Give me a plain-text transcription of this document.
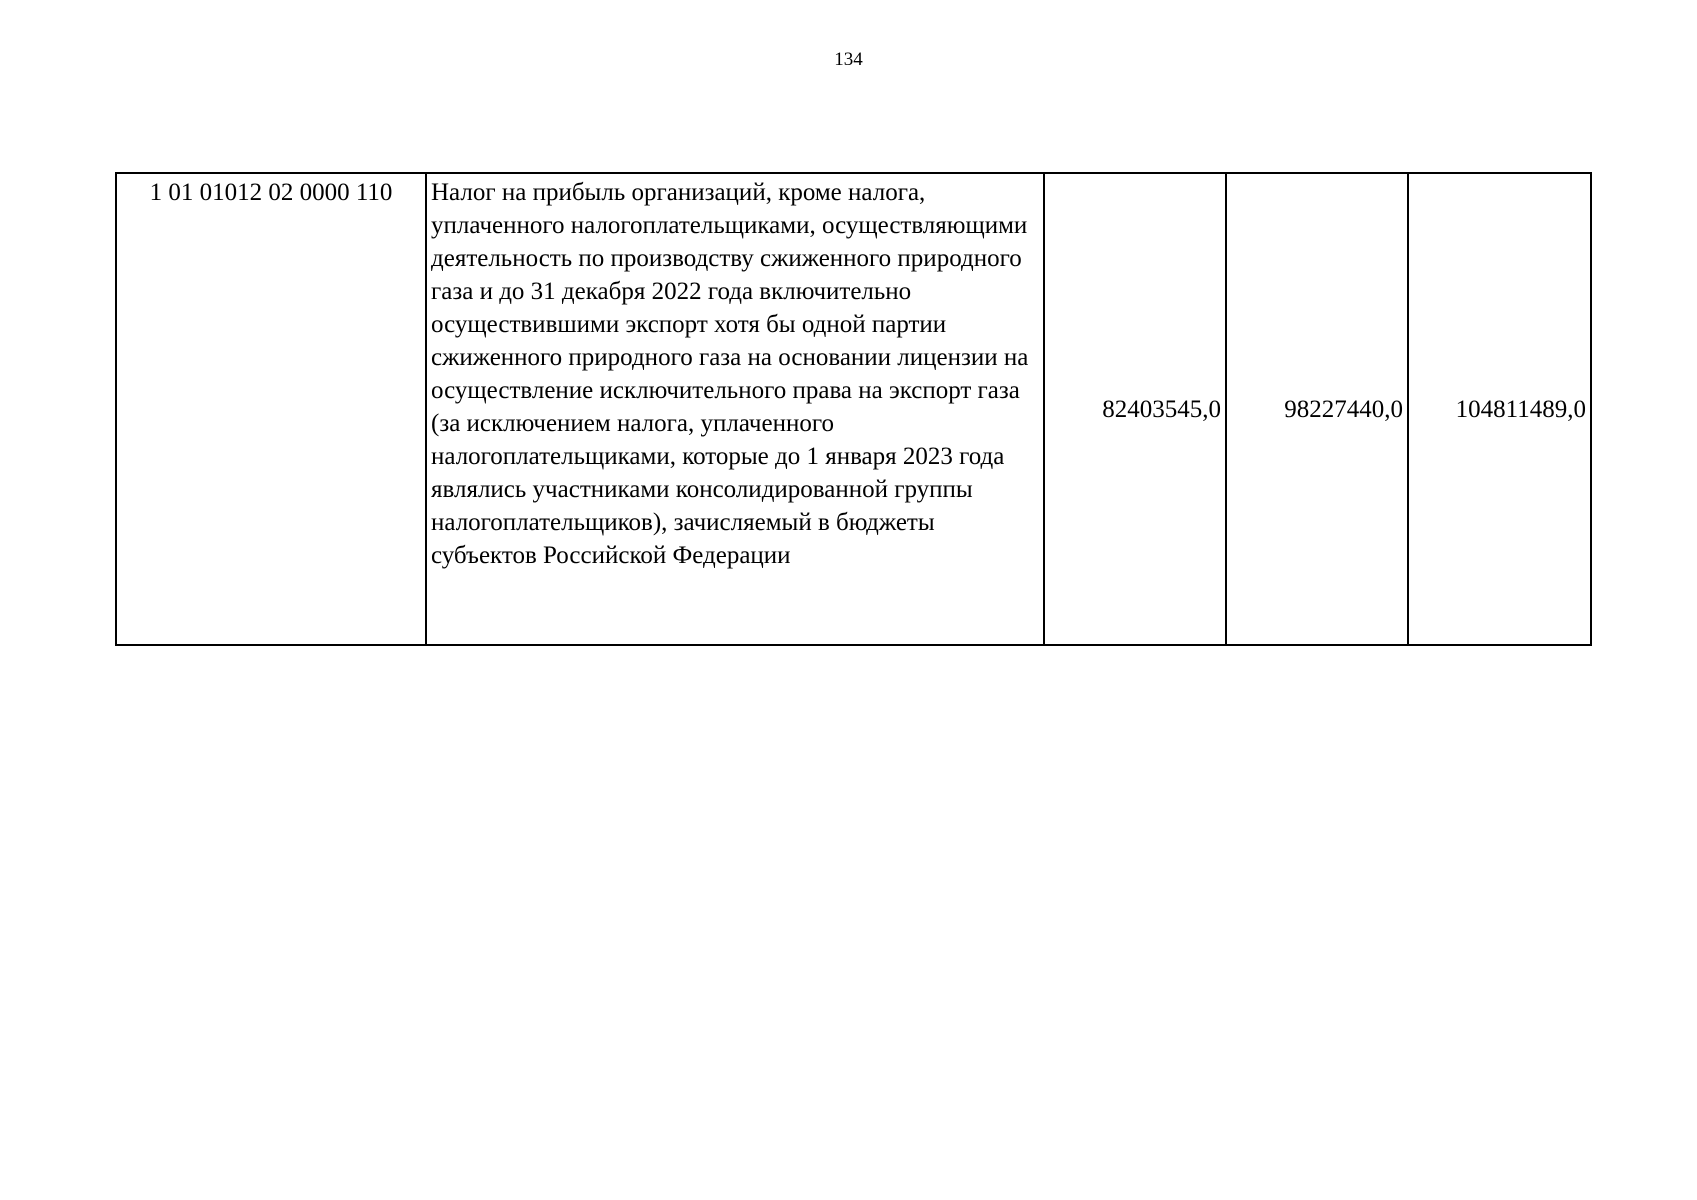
134
1 01 01012 02 0000 110	Налог на прибыль организаций, кроме налога, уплаченного налогоплательщиками, осуществляющими деятельность по производству сжиженного природного газа и до 31 декабря 2022 года включительно осуществившими экспорт хотя бы одной партии сжиженного природного газа на основании лицензии на осуществление исключительного права на экспорт газа (за исключением налога, уплаченного налогоплательщиками, которые до 1 января 2023 года являлись участниками консолидированной группы налогоплательщиков), зачисляемый в бюджеты субъектов Российской Федерации	82403545,0	98227440,0	104811489,0
